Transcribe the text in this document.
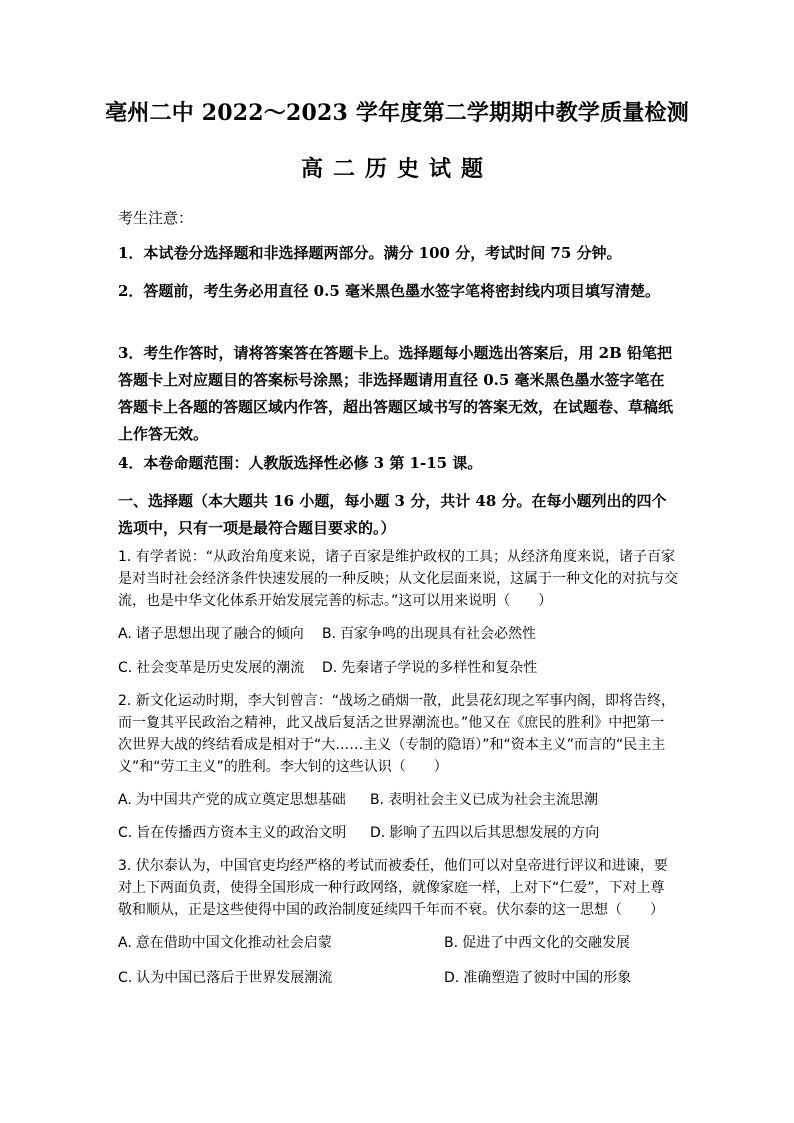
亳州二中 2022～2023 学年度第二学期期中教学质量检测
高二历史试题

考生注意：

1．本试卷分选择题和非选择题两部分。满分 100 分，考试时间 75 分钟。

2．答题前，考生务必用直径 0.5 毫米黑色墨水签字笔将密封线内项目填写清楚。

3．考生作答时，请将答案答在答题卡上。选择题每小题选出答案后，用 2B 铅笔把答题卡上对应题目的答案标号涂黑；非选择题请用直径 0.5 毫米黑色墨水签字笔在答题卡上各题的答题区域内作答，超出答题区域书写的答案无效，在试题卷、草稿纸上作答无效。

4．本卷命题范围：人教版选择性必修 3 第 1-15 课。

一、选择题（本大题共 16 小题，每小题 3 分，共计 48 分。在每小题列出的四个选项中，只有一项是最符合题目要求的。）

1. 有学者说：“从政治角度来说，诸子百家是维护政权的工具；从经济角度来说，诸子百家是对当时社会经济条件快速发展的一种反映；从文化层面来说，这属于一种文化的对抗与交流，也是中华文化体系开始发展完善的标志。”这可以用来说明（　　）

A. 诸子思想出现了融合的倾向 B. 百家争鸣的出现具有社会必然性
C. 社会变革是历史发展的潮流 D. 先秦诸子学说的多样性和复杂性

2. 新文化运动时期，李大钊曾言：“战场之硝烟一散，此昙花幻现之军事内阁，即将告终，而一夐其平民政治之精神，此又战后复活之世界潮流也。”他又在《庶民的胜利》中把第一次世界大战的终结看成是相对于“大……主义（专制的隐语）”和“资本主义”而言的“民主主义”和“劳工主义”的胜利。李大钊的这些认识（　　）

A. 为中国共产党的成立奠定思想基础 B. 表明社会主义已成为社会主流思潮
C. 旨在传播西方资本主义的政治文明 D. 影响了五四以后其思想发展的方向

3. 伏尔泰认为，中国官吏均经严格的考试而被委任，他们可以对皇帝进行评议和进谏，要对上下两面负责，使得全国形成一种行政网络，就像家庭一样，上对下“仁爱”，下对上尊敬和顺从，正是这些使得中国的政治制度延续四千年而不衰。伏尔泰的这一思想（　　）

A. 意在借助中国文化推动社会启蒙	B. 促进了中西文化的交融发展
C. 认为中国已落后于世界发展潮流	D. 准确塑造了彼时中国的形象
